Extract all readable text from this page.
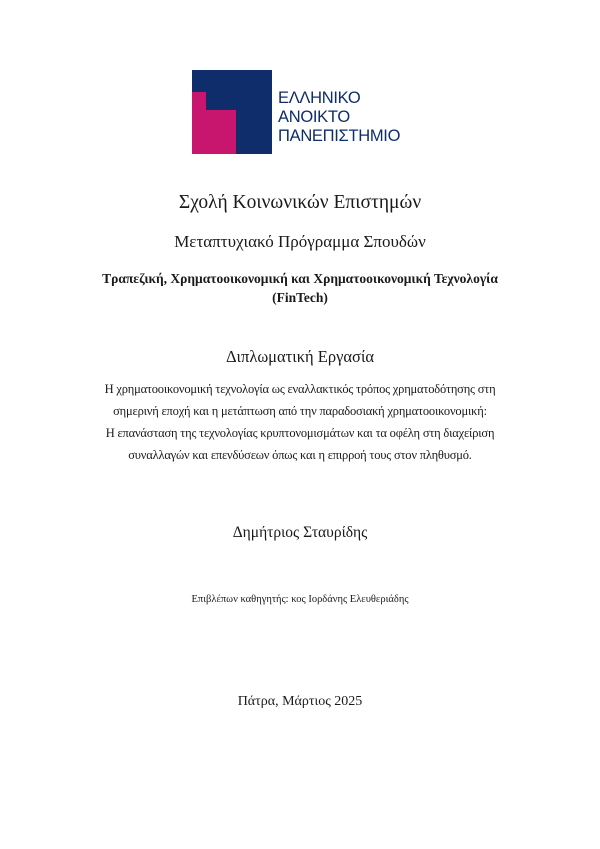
ΕΛΛΗΝΙΚΟ
ΑΝΟΙΚΤΟ
ΠΑΝΕΠΙΣΤΗΜΙΟ
Σχολή Κοινωνικών Επιστημών
Μεταπτυχιακό Πρόγραμμα Σπουδών
Τραπεζική, Χρηματοοικονομική και Χρηματοοικονομική Τεχνολογία
(FinTech)
Διπλωματική Εργασία
Η χρηματοοικονομική τεχνολογία ως εναλλακτικός τρόπος χρηματοδότησης στη
σημερινή εποχή και η μετάπτωση από την παραδοσιακή χρηματοοικονομική:
Η επανάσταση της τεχνολογίας κρυπτονομισμάτων και τα οφέλη στη διαχείριση
συναλλαγών και επενδύσεων όπως και η επιρροή τους στον πληθυσμό.
Δημήτριος Σταυρίδης
Επιβλέπων καθηγητής: κος Ιορδάνης Ελευθεριάδης
Πάτρα, Μάρτιος 2025
